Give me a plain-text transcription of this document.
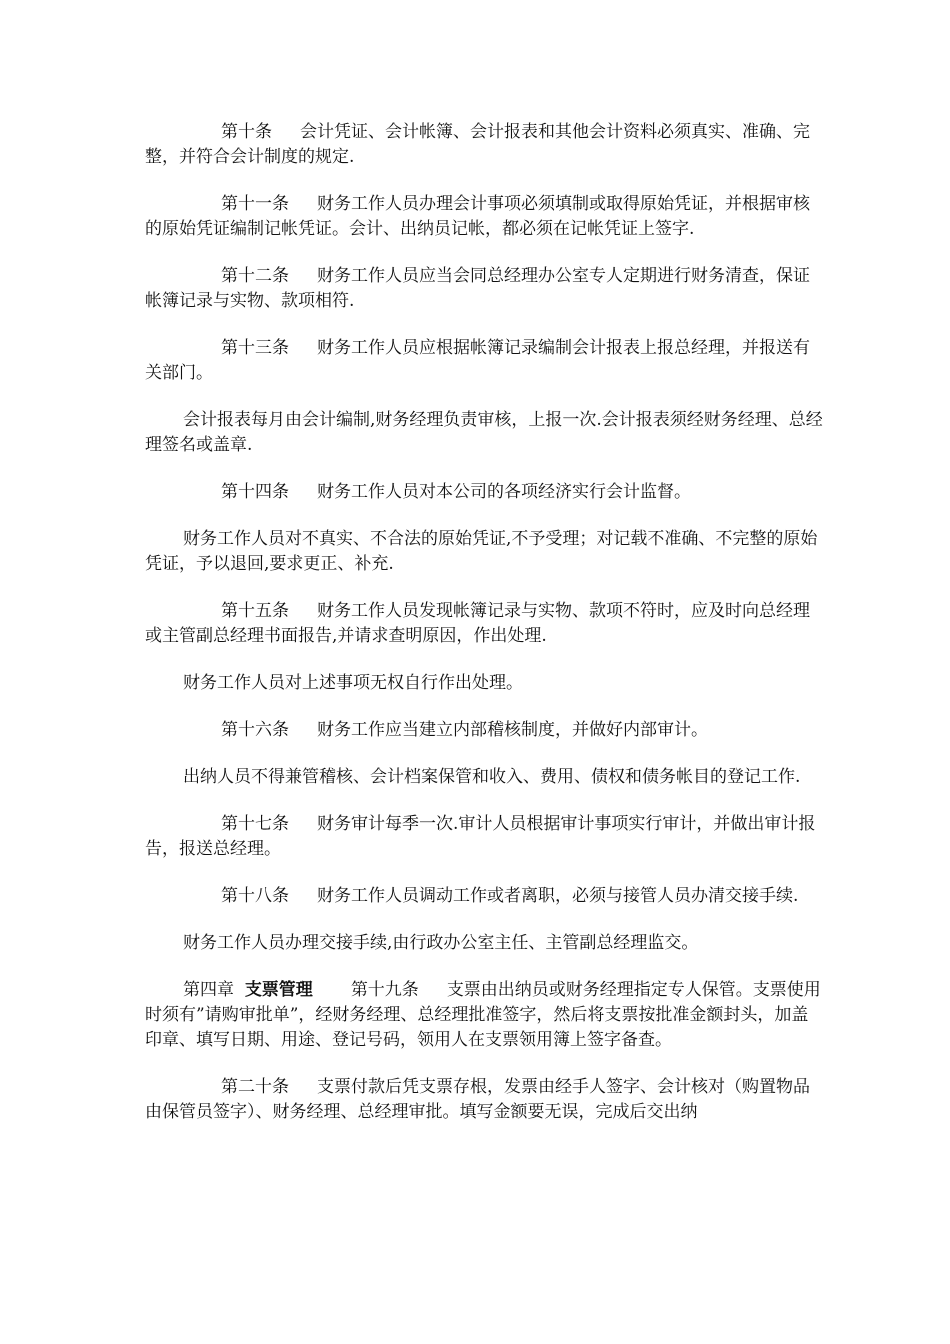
第十条 会计凭证、会计帐簿、会计报表和其他会计资料必须真实、准确、完整，并符合会计制度的规定.

第十一条 财务工作人员办理会计事项必须填制或取得原始凭证，并根据审核的原始凭证编制记帐凭证。会计、出纳员记帐，都必须在记帐凭证上签字.

第十二条 财务工作人员应当会同总经理办公室专人定期进行财务清查，保证帐簿记录与实物、款项相符.

第十三条 财务工作人员应根据帐簿记录编制会计报表上报总经理，并报送有关部门。

会计报表每月由会计编制,财务经理负责审核，上报一次.会计报表须经财务经理、总经理签名或盖章.

第十四条 财务工作人员对本公司的各项经济实行会计监督。

财务工作人员对不真实、不合法的原始凭证,不予受理；对记载不准确、不完整的原始凭证，予以退回,要求更正、补充.

第十五条 财务工作人员发现帐簿记录与实物、款项不符时，应及时向总经理或主管副总经理书面报告,并请求查明原因，作出处理.

财务工作人员对上述事项无权自行作出处理。

第十六条 财务工作应当建立内部稽核制度，并做好内部审计。

出纳人员不得兼管稽核、会计档案保管和收入、费用、债权和债务帐目的登记工作.

第十七条 财务审计每季一次.审计人员根据审计事项实行审计，并做出审计报告，报送总经理。

第十八条 财务工作人员调动工作或者离职，必须与接管人员办清交接手续.

财务工作人员办理交接手续,由行政办公室主任、主管副总经理监交。

第四章 支票管理 第十九条 支票由出纳员或财务经理指定专人保管。支票使用时须有”请购审批单”，经财务经理、总经理批准签字，然后将支票按批准金额封头，加盖印章、填写日期、用途、登记号码，领用人在支票领用簿上签字备查。

第二十条 支票付款后凭支票存根，发票由经手人签字、会计核对（购置物品由保管员签字）、财务经理、总经理审批。填写金额要无误，完成后交出纳
